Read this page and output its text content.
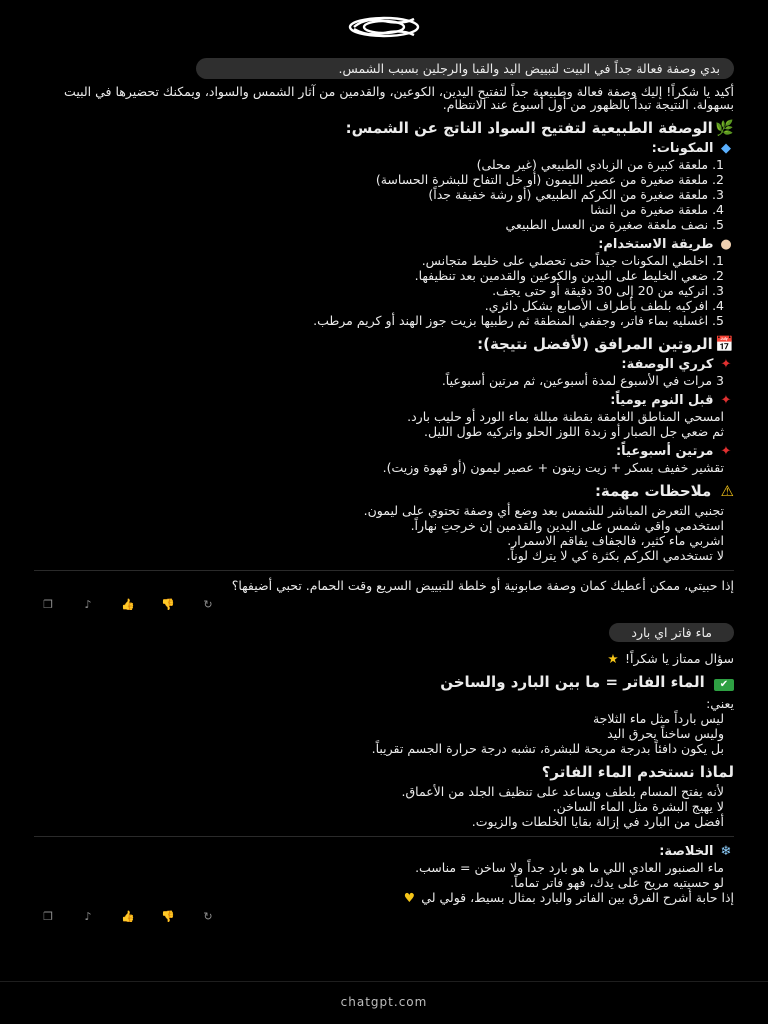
بدي وصفة فعالة جداً في البيت لتبييض اليد والقبا والرجلين بسبب الشمس.

أكيد يا شكراً! إليك وصفة فعالة وطبيعية جداً لتفتيح اليدين، الكوعين، والقدمين من آثار الشمس والسواد، ويمكنك تحضيرها في البيت بسهولة. النتيجة تبدأ بالظهور من أول أسبوع عند الانتظام.

🌿 الوصفة الطبيعية لتفتيح السواد الناتج عن الشمس:
◆ المكونات:
1. ملعقة كبيرة من الزبادي الطبيعي (غير محلى)
2. ملعقة صغيرة من عصير الليمون (أو خل التفاح للبشرة الحساسة)
3. ملعقة صغيرة من الكركم الطبيعي (أو رشة خفيفة جداً)
4. ملعقة صغيرة من النشا
5. نصف ملعقة صغيرة من العسل الطبيعي
● طريقة الاستخدام:
1. اخلطي المكونات جيداً حتى تحصلي على خليط متجانس.
2. ضعي الخليط على اليدين والكوعين والقدمين بعد تنظيفها.
3. اتركيه من 20 إلى 30 دقيقة أو حتى يجف.
4. افركيه بلطف بأطراف الأصابع بشكل دائري.
5. اغسليه بماء فاتر، وجففي المنطقة ثم رطبيها بزيت جوز الهند أو كريم مرطب.
📅 الروتين المرافق (لأفضل نتيجة):
✦ كرري الوصفة:
3 مرات في الأسبوع لمدة أسبوعين، ثم مرتين أسبوعياً.
✦ قبل النوم يومياً:
امسحي المناطق الغامقة بقطنة مبللة بماء الورد أو حليب بارد.
ثم ضعي جل الصبار أو زبدة اللوز الحلو واتركيه طول الليل.
✦ مرتين أسبوعياً:
تقشير خفيف بسكر + زيت زيتون + عصير ليمون (أو قهوة وزيت).
⚠ ملاحظات مهمة:
تجنبي التعرض المباشر للشمس بعد وضع أي وصفة تحتوي على ليمون.
استخدمي واقي شمس على اليدين والقدمين إن خرجتِ نهاراً.
اشربي ماء كثير، فالجفاف يفاقم الاسمرار.
لا تستخدمي الكركم بكثرة كي لا يترك لوناً.

إذا حبيتي، ممكن أعطيك كمان وصفة صابونية أو خلطة للتبييض السريع وقت الحمام. تحبي أضيفها؟

❐	♪	👍 👎	↻
ماء فاتر اي بارد

سؤال ممتاز يا شكراً! ★

✔ الماء الفاتر = ما بين البارد والساخن

يعني:

ليس بارداً مثل ماء الثلاجة
وليس ساخناً يحرق اليد
بل يكون دافئاً بدرجة مريحة للبشرة، تشبه درجة حرارة الجسم تقريباً.
لماذا نستخدم الماء الفاتر؟
لأنه يفتح المسام بلطف ويساعد على تنظيف الجلد من الأعماق.
لا يهيج البشرة مثل الماء الساخن.
أفضل من البارد في إزالة بقايا الخلطات والزيوت.
❄ الخلاصة:
ماء الصنبور العادي اللي ما هو بارد جداً ولا ساخن = مناسب.
لو حسيتيه مريح على يدك، فهو فاتر تماماً.

إذا حابة أشرح الفرق بين الفاتر والبارد بمثال بسيط، قولي لي ♥

❐	♪	👍 👎	↻
chatgpt.com
